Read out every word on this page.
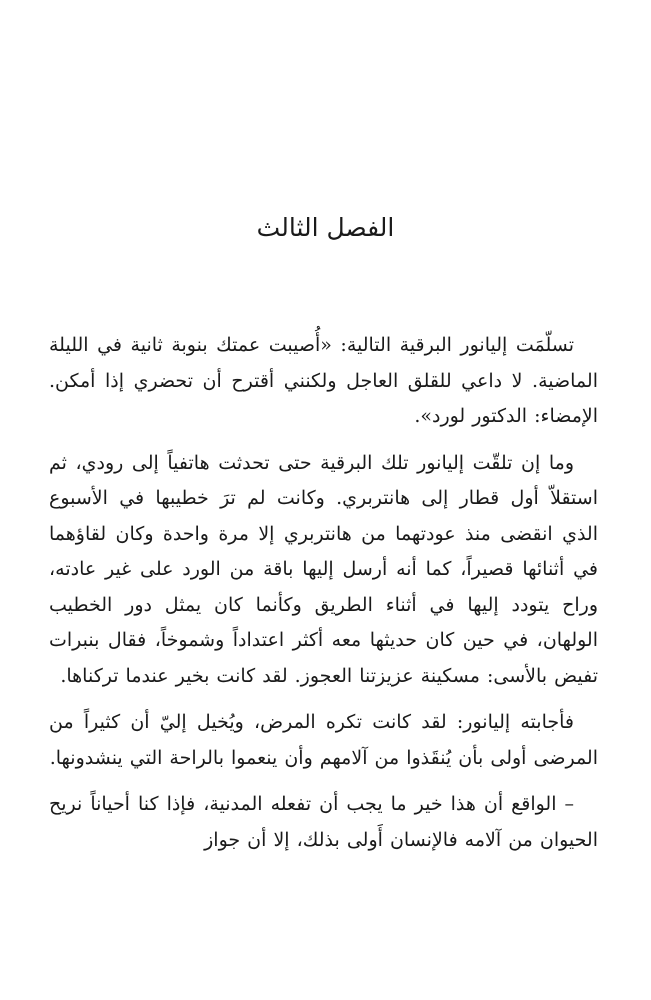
الفصل الثالث

تسلّمَت إليانور البرقية التالية: «أُصيبت عمتك بنوبة ثانية في الليلة الماضية. لا داعي للقلق العاجل ولكنني أقترح أن تحضري إذا أمكن. الإمضاء: الدكتور لورد».

وما إن تلقّت إليانور تلك البرقية حتى تحدثت هاتفياً إلى رودي، ثم استقلاّ أول قطار إلى هانتربري. وكانت لم ترَ خطيبها في الأسبوع الذي انقضى منذ عودتهما من هانتربري إلا مرة واحدة وكان لقاؤهما في أثنائها قصيراً، كما أنه أرسل إليها باقة من الورد على غير عادته، وراح يتودد إليها في أثناء الطريق وكأنما كان يمثل دور الخطيب الولهان، في حين كان حديثها معه أكثر اعتداداً وشموخاً، فقال بنبرات تفيض بالأسى: مسكينة عزيزتنا العجوز. لقد كانت بخير عندما تركناها.

فأجابته إليانور: لقد كانت تكره المرض، ويُخيل إليّ أن كثيراً من المرضى أولى بأن يُنقَذوا من آلامهم وأن ينعموا بالراحة التي ينشدونها.

– الواقع أن هذا خير ما يجب أن تفعله المدنية، فإذا كنا أحياناً نريح الحيوان من آلامه فالإنسان أَولى بذلك، إلا أن جواز
